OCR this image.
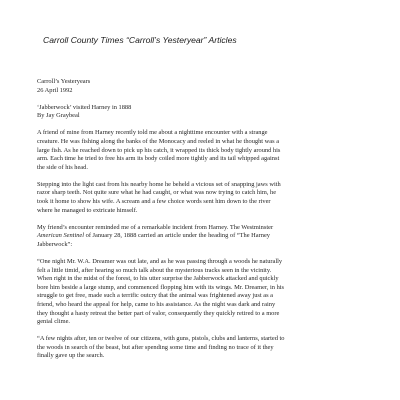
Carroll County Times “Carroll’s Yesteryear” Articles
Carroll’s Yesteryears
26 April 1992
‘Jabberwock’ visited Harney in 1888
By Jay Graybeal
A friend of mine from Harney recently told me about a nighttime encounter with a strange
creature. He was fishing along the banks of the Monocacy and reeled in what he thought was a
large fish. As he reached down to pick up his catch, it wrapped its thick body tightly around his
arm. Each time he tried to free his arm its body coiled more tightly and its tail whipped against
the side of his head.
Stepping into the light cast from his nearby home he beheld a vicious set of snapping jaws with
razor sharp teeth. Not quite sure what he had caught, or what was now trying to catch him, he
took it home to show his wife. A scream and a few choice words sent him down to the river
where he managed to extricate himself.
My friend’s encounter reminded me of a remarkable incident from Harney. The Westminster
American Sentinel of January 28, 1888 carried an article under the heading of “The Harney
Jabberwock”:
“One night Mr. W.A. Dreamer was out late, and as he was passing through a woods he naturally
felt a little timid, after hearing so much talk about the mysterious tracks seen in the vicinity.
When right in the midst of the forest, to his utter surprise the Jabberwock attacked and quickly
bore him beside a large stump, and commenced flopping him with its wings. Mr. Dreamer, in his
struggle to get free, made such a terrific outcry that the animal was frightened away just as a
friend, who heard the appeal for help, came to his assistance. As the night was dark and rainy
they thought a hasty retreat the better part of valor, consequently they quickly retired to a more
genial clime.
“A few nights after, ten or twelve of our citizens, with guns, pistols, clubs and lanterns, started to
the woods in search of the beast, but after spending some time and finding no trace of it they
finally gave up the search.
